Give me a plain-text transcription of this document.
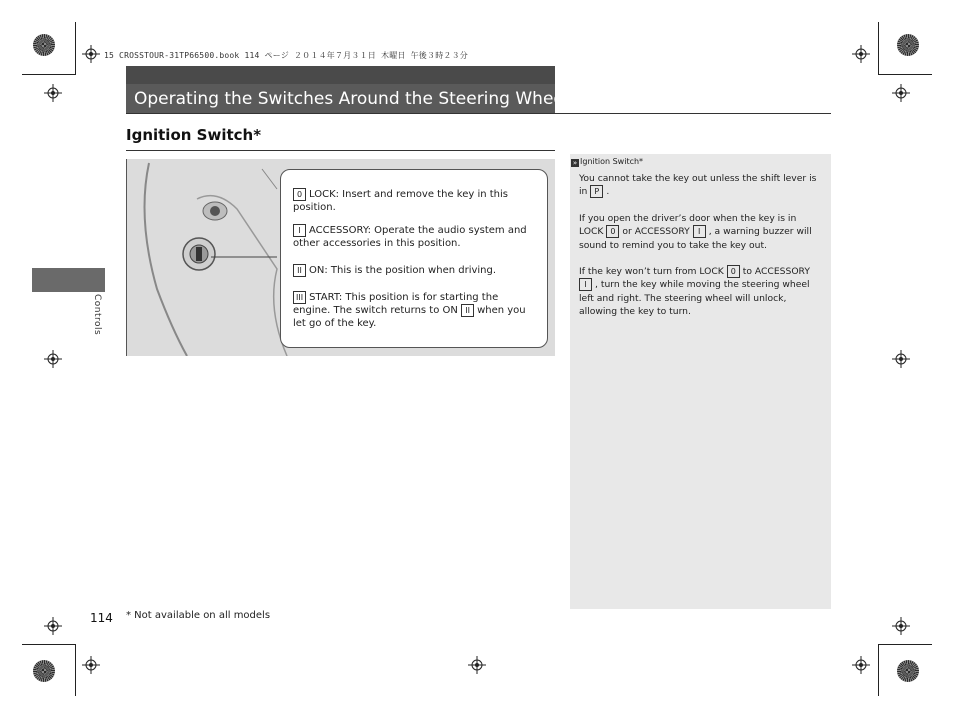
15 CROSSTOUR-31TP66500.book 114 ページ ２０１４年７月３１日 木曜日 午後３時２３分
Operating the Switches Around the Steering Wheel
Ignition Switch*
Controls

0 LOCK: Insert and remove the key in this position.

I ACCESSORY: Operate the audio system and other accessories in this position.

II ON: This is the position when driving.

III START: This position is for starting the engine. The switch returns to ON II when you let go of the key.

» Ignition Switch*

You cannot take the key out unless the shift lever is in P .

If you open the driver’s door when the key is in LOCK 0 or ACCESSORY I , a warning buzzer will sound to remind you to take the key out.

If the key won’t turn from LOCK 0 to ACCESSORY I , turn the key while moving the steering wheel left and right. The steering wheel will unlock, allowing the key to turn.

114 * Not available on all models
